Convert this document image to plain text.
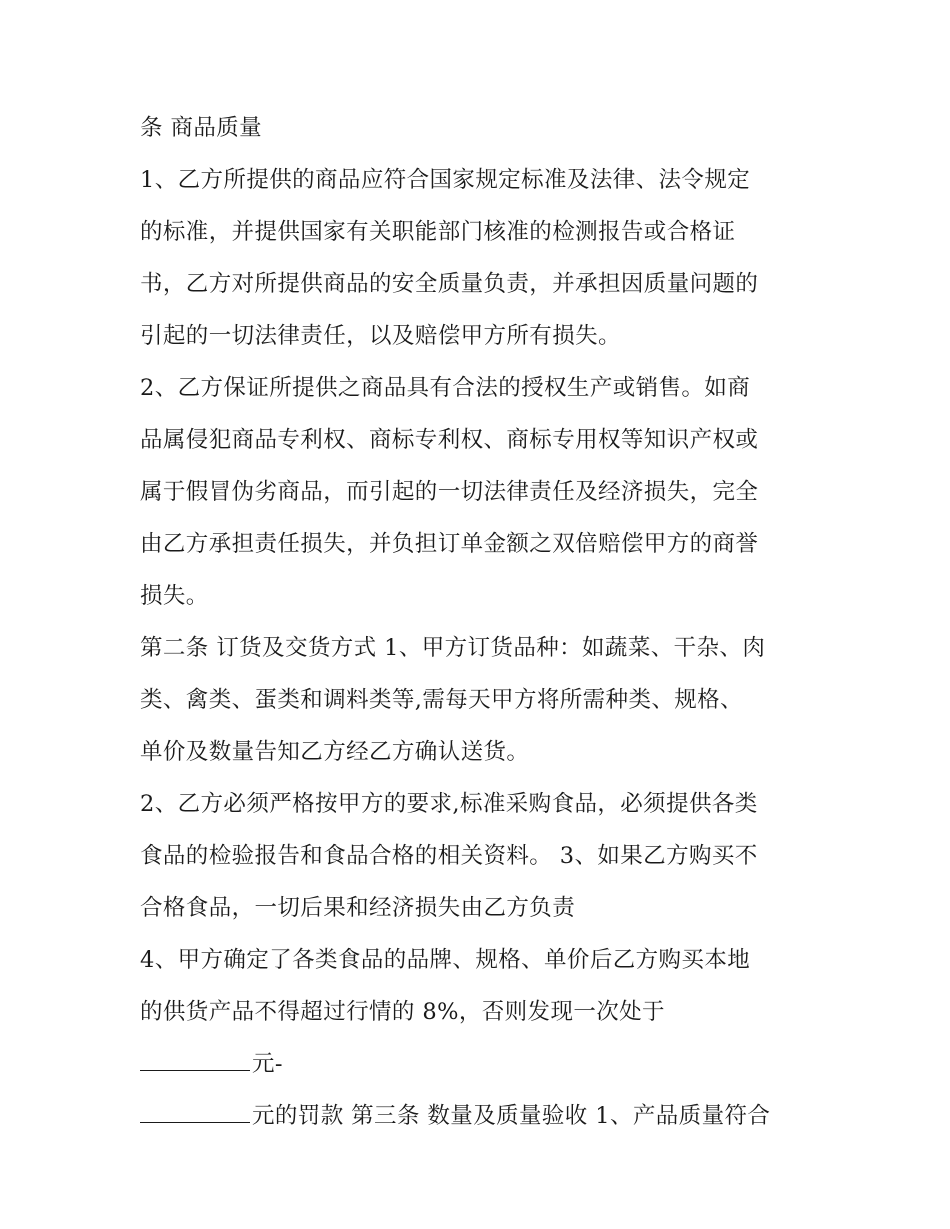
条 商品质量
1、乙方所提供的商品应符合国家规定标准及法律、法令规定
的标准，并提供国家有关职能部门核准的检测报告或合格证
书，乙方对所提供商品的安全质量负责，并承担因质量问题的
引起的一切法律责任，以及赔偿甲方所有损失。
2、乙方保证所提供之商品具有合法的授权生产或销售。如商
品属侵犯商品专利权、商标专利权、商标专用权等知识产权或
属于假冒伪劣商品，而引起的一切法律责任及经济损失，完全
由乙方承担责任损失，并负担订单金额之双倍赔偿甲方的商誉
损失。
第二条 订货及交货方式 1、甲方订货品种：如蔬菜、干杂、肉
类、禽类、蛋类和调料类等,需每天甲方将所需种类、规格、
单价及数量告知乙方经乙方确认送货。
2、乙方必须严格按甲方的要求,标准采购食品，必须提供各类
食品的检验报告和食品合格的相关资料。 3、如果乙方购买不
合格食品，一切后果和经济损失由乙方负责
4、甲方确定了各类食品的品牌、规格、单价后乙方购买本地
的供货产品不得超过行情的 8%，否则发现一次处于
元-
元的罚款 第三条 数量及质量验收 1、产品质量符合
